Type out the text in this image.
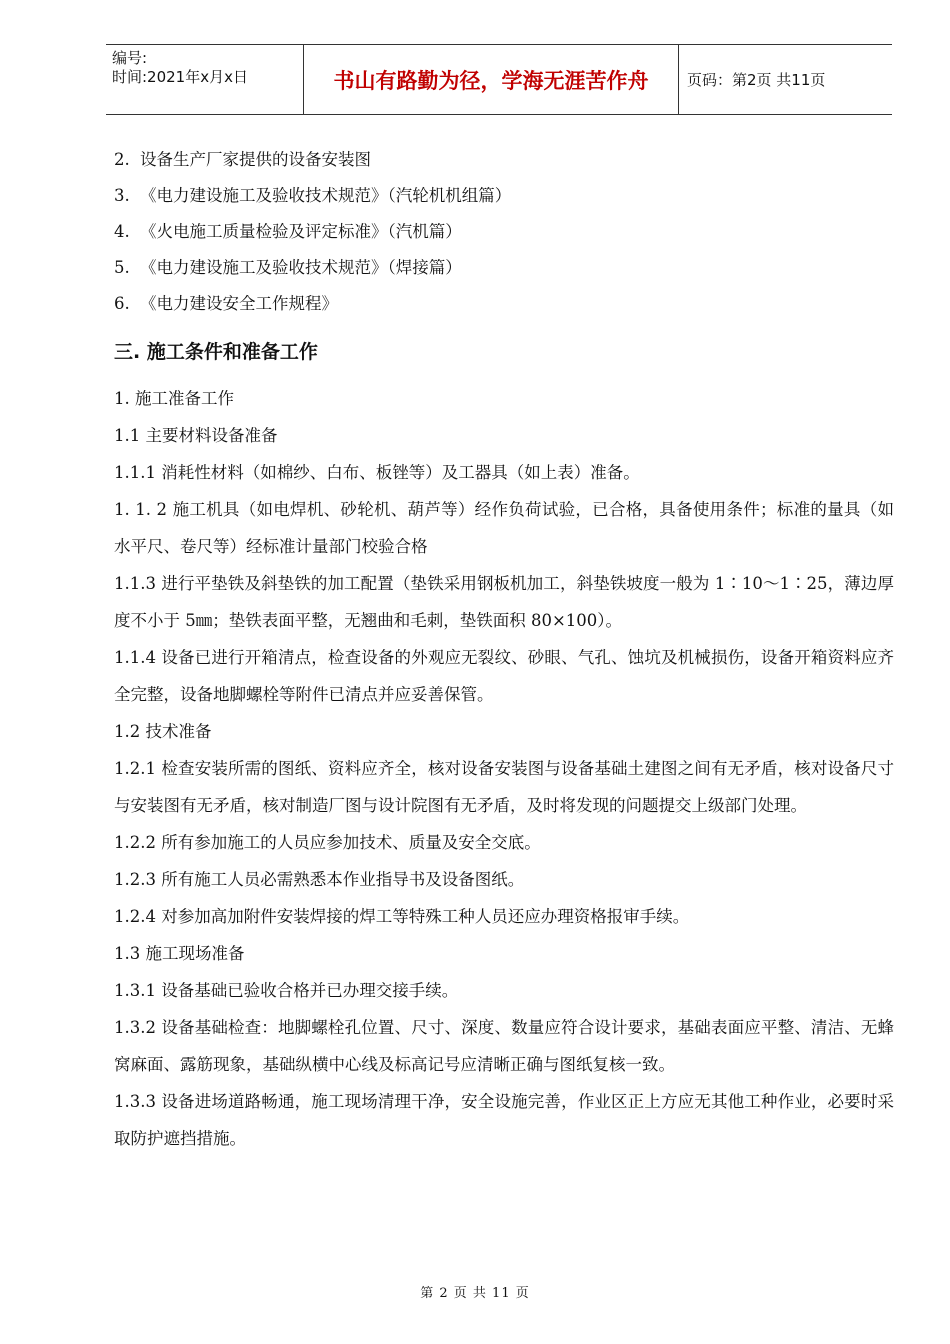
编号:
时间:2021年x月x日	书山有路勤为径，学海无涯苦作舟	页码：第2页 共11页
2. 设备生产厂家提供的设备安装图
3. 《电力建设施工及验收技术规范》（汽轮机机组篇）
4. 《火电施工质量检验及评定标准》（汽机篇）
5. 《电力建设施工及验收技术规范》（焊接篇）
6. 《电力建设安全工作规程》
三. 施工条件和准备工作
1. 施工准备工作
1.1 主要材料设备准备
1.1.1 消耗性材料（如棉纱、白布、板锉等）及工器具（如上表）准备。
1. 1. 2 施工机具（如电焊机、砂轮机、葫芦等）经作负荷试验，已合格，具备使用条件；标准的量具（如水平尺、卷尺等）经标准计量部门校验合格
1.1.3 进行平垫铁及斜垫铁的加工配置（垫铁采用钢板机加工，斜垫铁坡度一般为 1∶10～1∶25，薄边厚度不小于 5㎜；垫铁表面平整，无翘曲和毛刺，垫铁面积 80×100）。
1.1.4 设备已进行开箱清点，检查设备的外观应无裂纹、砂眼、气孔、蚀坑及机械损伤，设备开箱资料应齐全完整，设备地脚螺栓等附件已清点并应妥善保管。
1.2 技术准备
1.2.1 检查安装所需的图纸、资料应齐全，核对设备安装图与设备基础土建图之间有无矛盾，核对设备尺寸与安装图有无矛盾，核对制造厂图与设计院图有无矛盾，及时将发现的问题提交上级部门处理。
1.2.2 所有参加施工的人员应参加技术、质量及安全交底。
1.2.3 所有施工人员必需熟悉本作业指导书及设备图纸。
1.2.4 对参加高加附件安装焊接的焊工等特殊工种人员还应办理资格报审手续。
1.3 施工现场准备
1.3.1 设备基础已验收合格并已办理交接手续。
1.3.2 设备基础检查：地脚螺栓孔位置、尺寸、深度、数量应符合设计要求，基础表面应平整、清洁、无蜂窝麻面、露筋现象，基础纵横中心线及标高记号应清晰正确与图纸复核一致。
1.3.3 设备进场道路畅通，施工现场清理干净，安全设施完善，作业区正上方应无其他工种作业，必要时采取防护遮挡措施。
第 2 页 共 11 页
